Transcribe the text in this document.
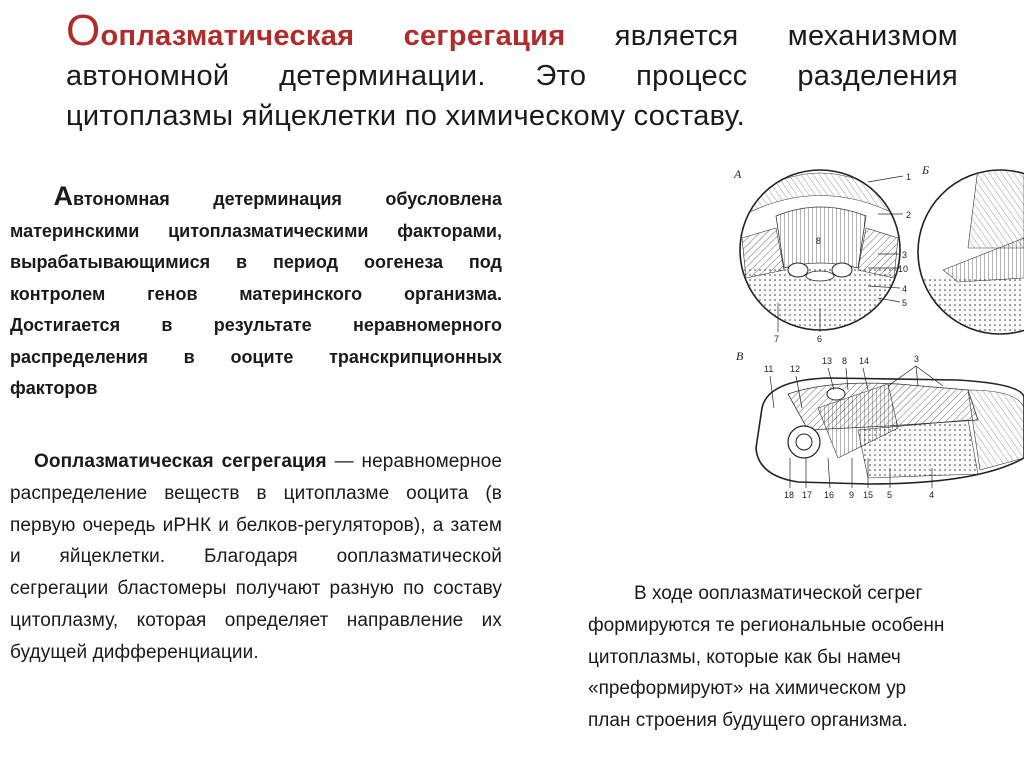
Ооплазматическая сегрегация является механизмом автономной детерминации. Это процесс разделения цитоплазмы яйцеклетки по химическому составу.
Автономная детерминация обусловлена материнскими цитоплазматическими факторами, вырабатывающимися в период оогенеза под контролем генов материнского организма. Достигается в результате неравномерного распределения в ооците транскрипционных факторов
Ооплазматическая сегрегация — неравномерное распределение веществ в цитоплазме ооцита (в первую очередь иРНК и белков-регуляторов), а затем и яйцеклетки. Благодаря ооплазматической сегрегации бластомеры получают разную по составу цитоплазму, которая определяет направление их будущей дифференциации.
В ходе ооплазматической сегрег
формируются те региональные особенн
цитоплазмы, которые как бы намеч
«преформируют» на химическом ур
план строения будущего организма.
А
8
1
2
3
10
4
5
7	6
Б
В	13 8 14	3
11 12
18 17 16 9 15 5	4
